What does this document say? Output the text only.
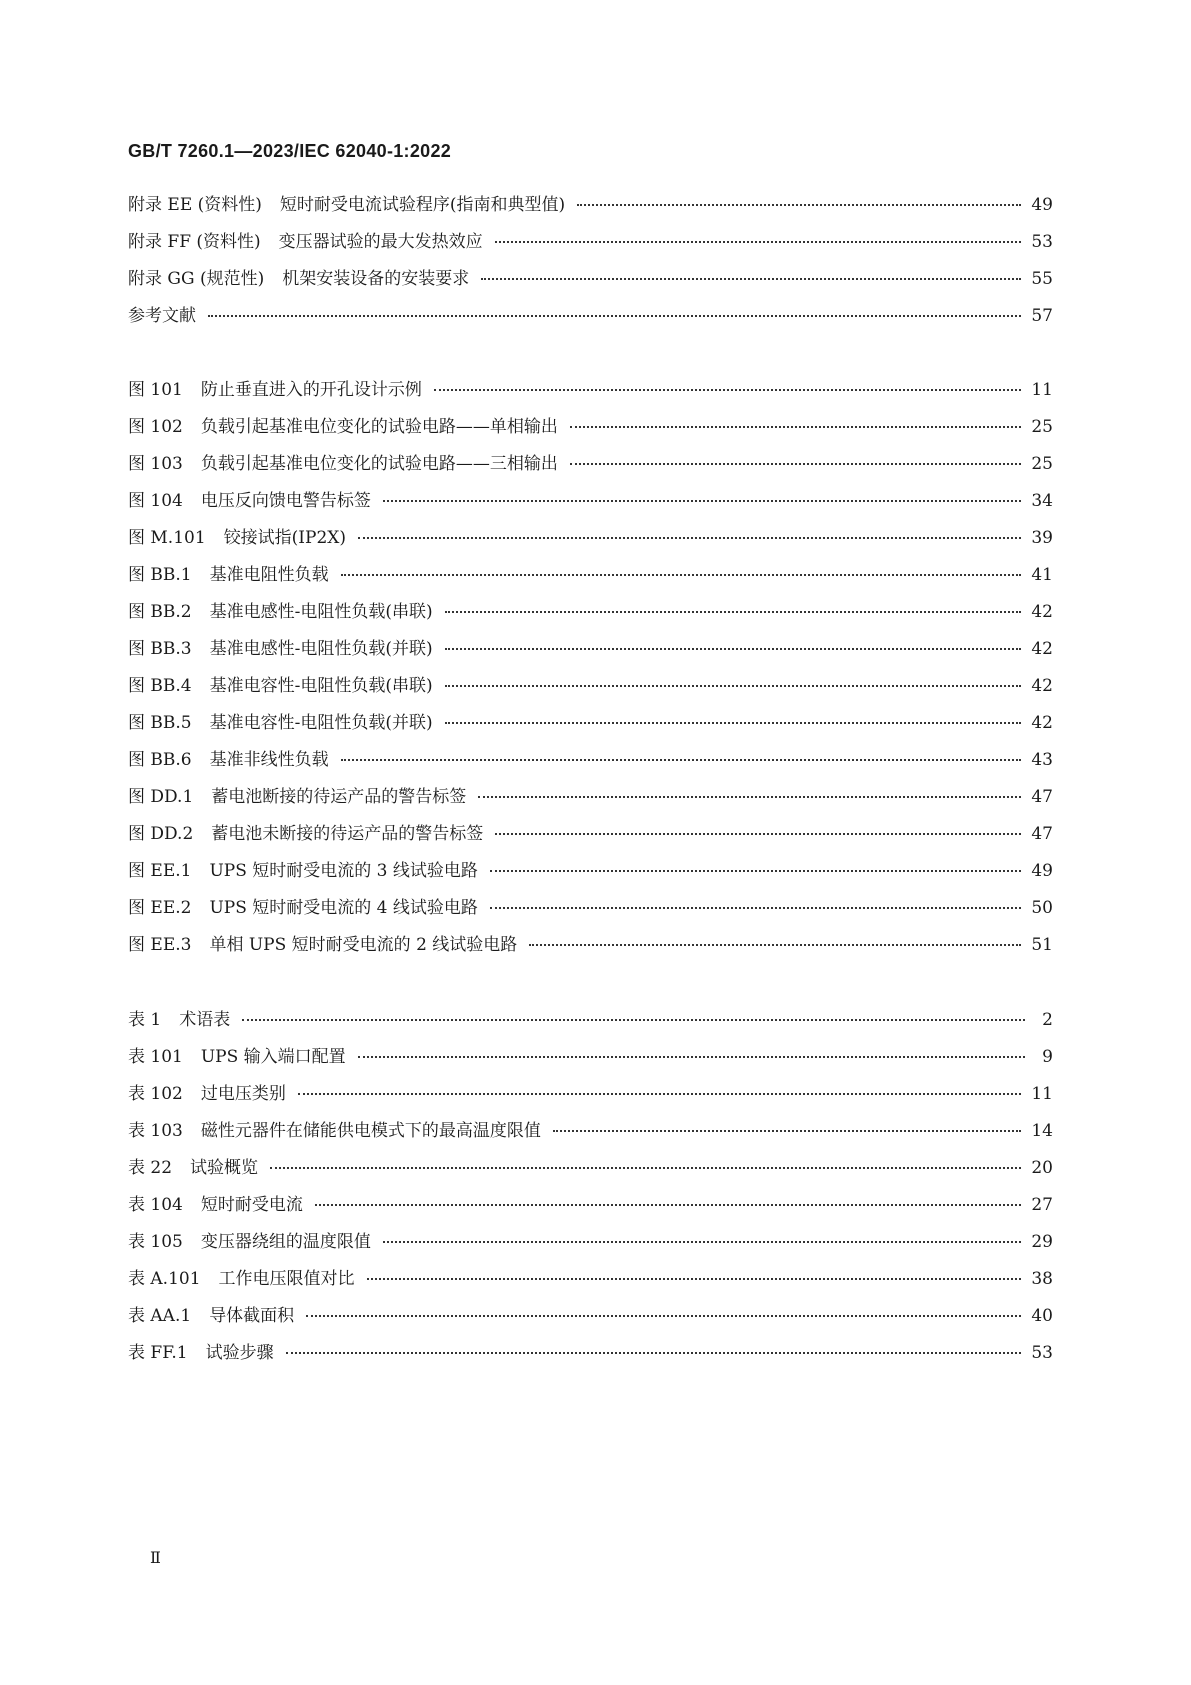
GB/T 7260.1—2023/IEC 62040-1:2022
附录 EE (资料性) 短时耐受电流试验程序(指南和典型值)	49
附录 FF (资料性) 变压器试验的最大发热效应	53
附录 GG (规范性) 机架安装设备的安装要求	55
参考文献	57
图 101 防止垂直进入的开孔设计示例	11
图 102 负载引起基准电位变化的试验电路——单相输出	25
图 103 负载引起基准电位变化的试验电路——三相输出	25
图 104 电压反向馈电警告标签	34
图 M.101 铰接试指(IP2X)	39
图 BB.1 基准电阻性负载	41
图 BB.2 基准电感性-电阻性负载(串联)	42
图 BB.3 基准电感性-电阻性负载(并联)	42
图 BB.4 基准电容性-电阻性负载(串联)	42
图 BB.5 基准电容性-电阻性负载(并联)	42
图 BB.6 基准非线性负载	43
图 DD.1 蓄电池断接的待运产品的警告标签	47
图 DD.2 蓄电池未断接的待运产品的警告标签	47
图 EE.1 UPS 短时耐受电流的 3 线试验电路	49
图 EE.2 UPS 短时耐受电流的 4 线试验电路	50
图 EE.3 单相 UPS 短时耐受电流的 2 线试验电路	51
表 1 术语表	2
表 101 UPS 输入端口配置	9
表 102 过电压类别	11
表 103 磁性元器件在储能供电模式下的最高温度限值	14
表 22 试验概览	20
表 104 短时耐受电流	27
表 105 变压器绕组的温度限值	29
表 A.101 工作电压限值对比	38
表 AA.1 导体截面积	40
表 FF.1 试验步骤	53
Ⅱ
